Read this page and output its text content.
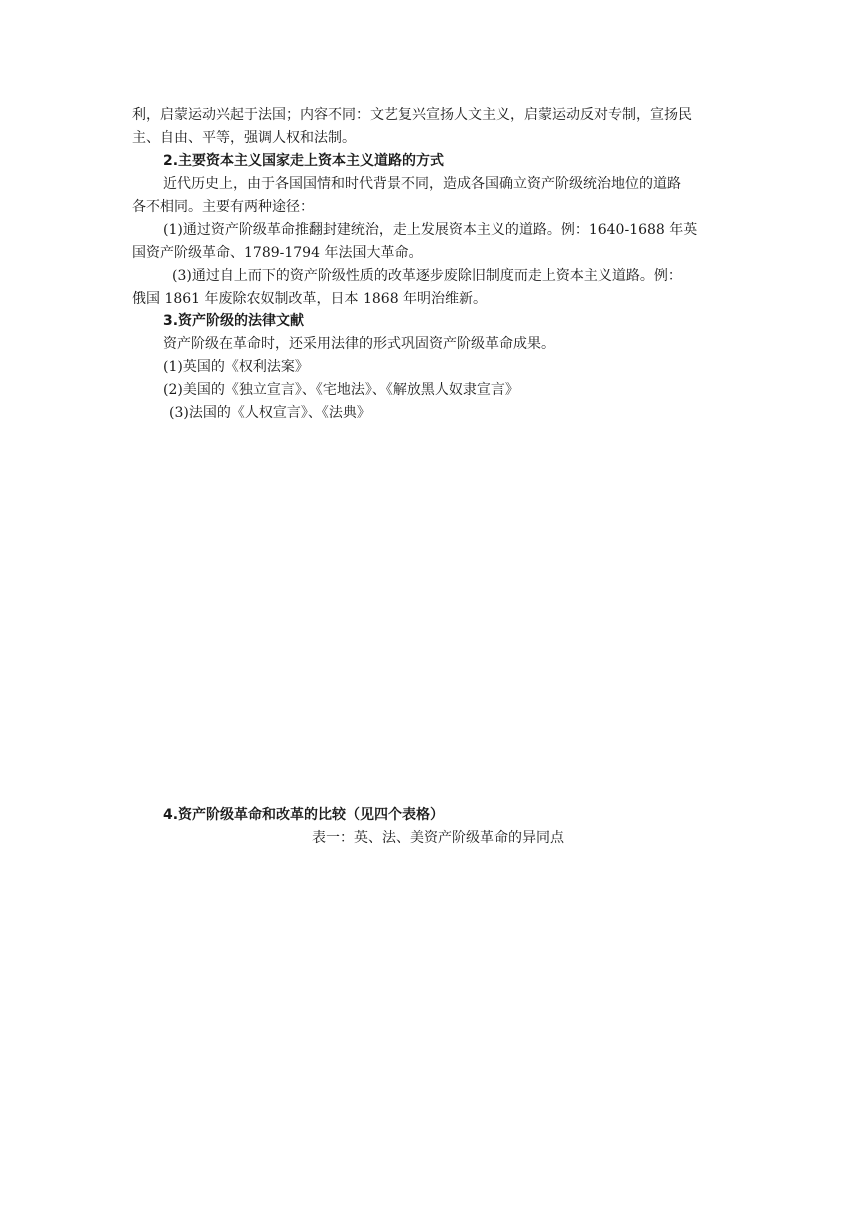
利，启蒙运动兴起于法国；内容不同：文艺复兴宣扬人文主义，启蒙运动反对专制，宣扬民
主、自由、平等，强调人权和法制。
2.主要资本主义国家走上资本主义道路的方式
近代历史上，由于各国国情和时代背景不同，造成各国确立资产阶级统治地位的道路
各不相同。主要有两种途径：
(1)通过资产阶级革命推翻封建统治，走上发展资本主义的道路。例：1640-1688 年英
国资产阶级革命、1789-1794 年法国大革命。
(3)通过自上而下的资产阶级性质的改革逐步废除旧制度而走上资本主义道路。例：
俄国 1861 年废除农奴制改革，日本 1868 年明治维新。
3.资产阶级的法律文献
资产阶级在革命时，还采用法律的形式巩固资产阶级革命成果。
(1)英国的《权利法案》
(2)美国的《独立宣言》、《宅地法》、《解放黑人奴隶宣言》
(3)法国的《人权宣言》、《法典》
4.资产阶级革命和改革的比较（见四个表格）
表一：英、法、美资产阶级革命的异同点
